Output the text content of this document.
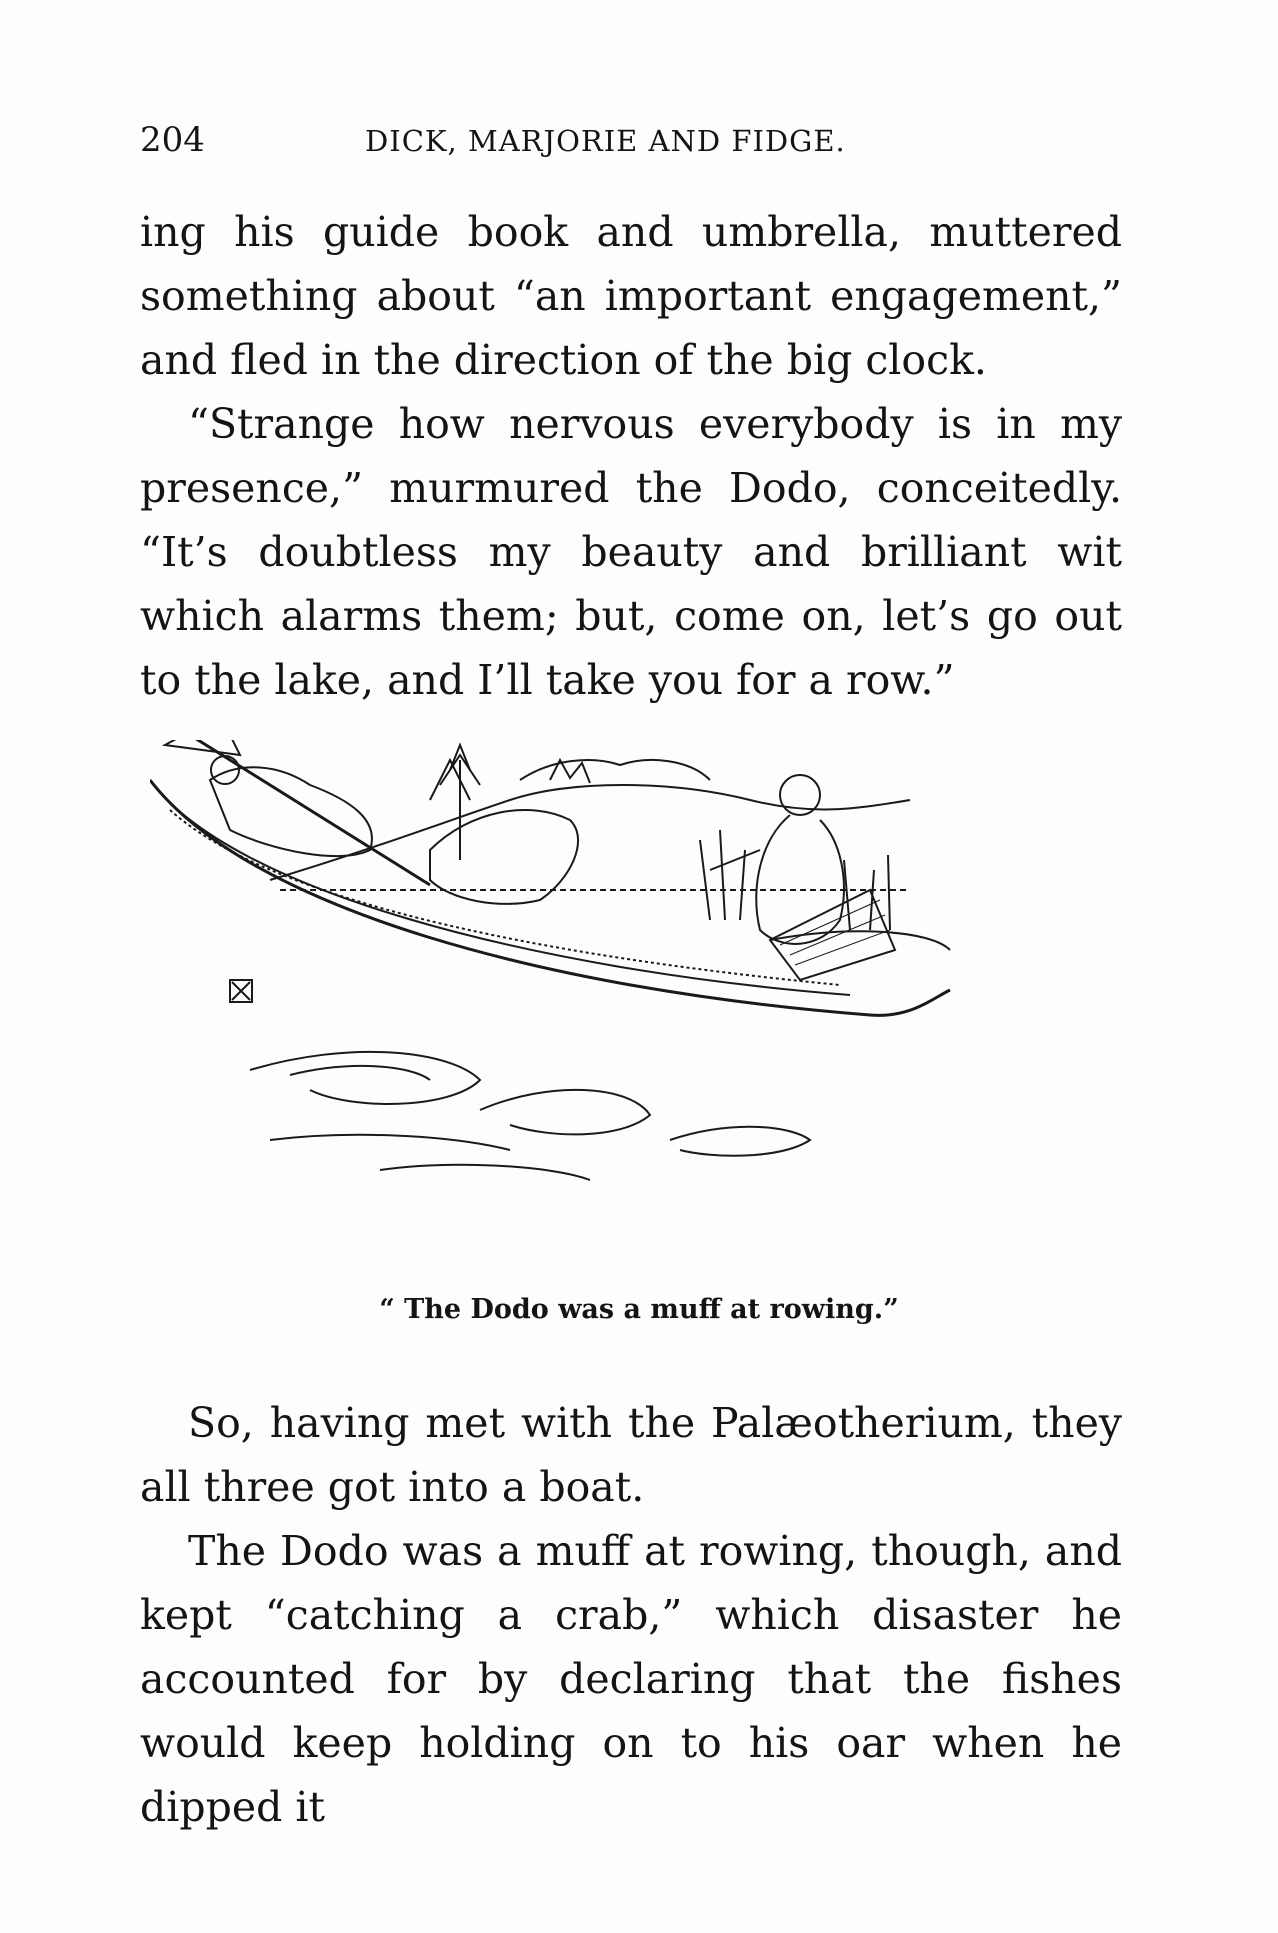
204	DICK, MARJORIE AND FIDGE.

ing his guide book and umbrella, muttered something about “an important engagement,” and fled in the direction of the big clock.

“Strange how nervous everybody is in my presence,” murmured the Dodo, conceitedly. “It’s doubtless my beauty and brilliant wit which alarms them; but, come on, let’s go out to the lake, and I’ll take you for a row.”

“ The Dodo was a muff at rowing.”

So, having met with the Palæotherium, they all three got into a boat.

The Dodo was a muff at rowing, though, and kept “catching a crab,” which disaster he accounted for by declaring that the fishes would keep holding on to his oar when he dipped it
